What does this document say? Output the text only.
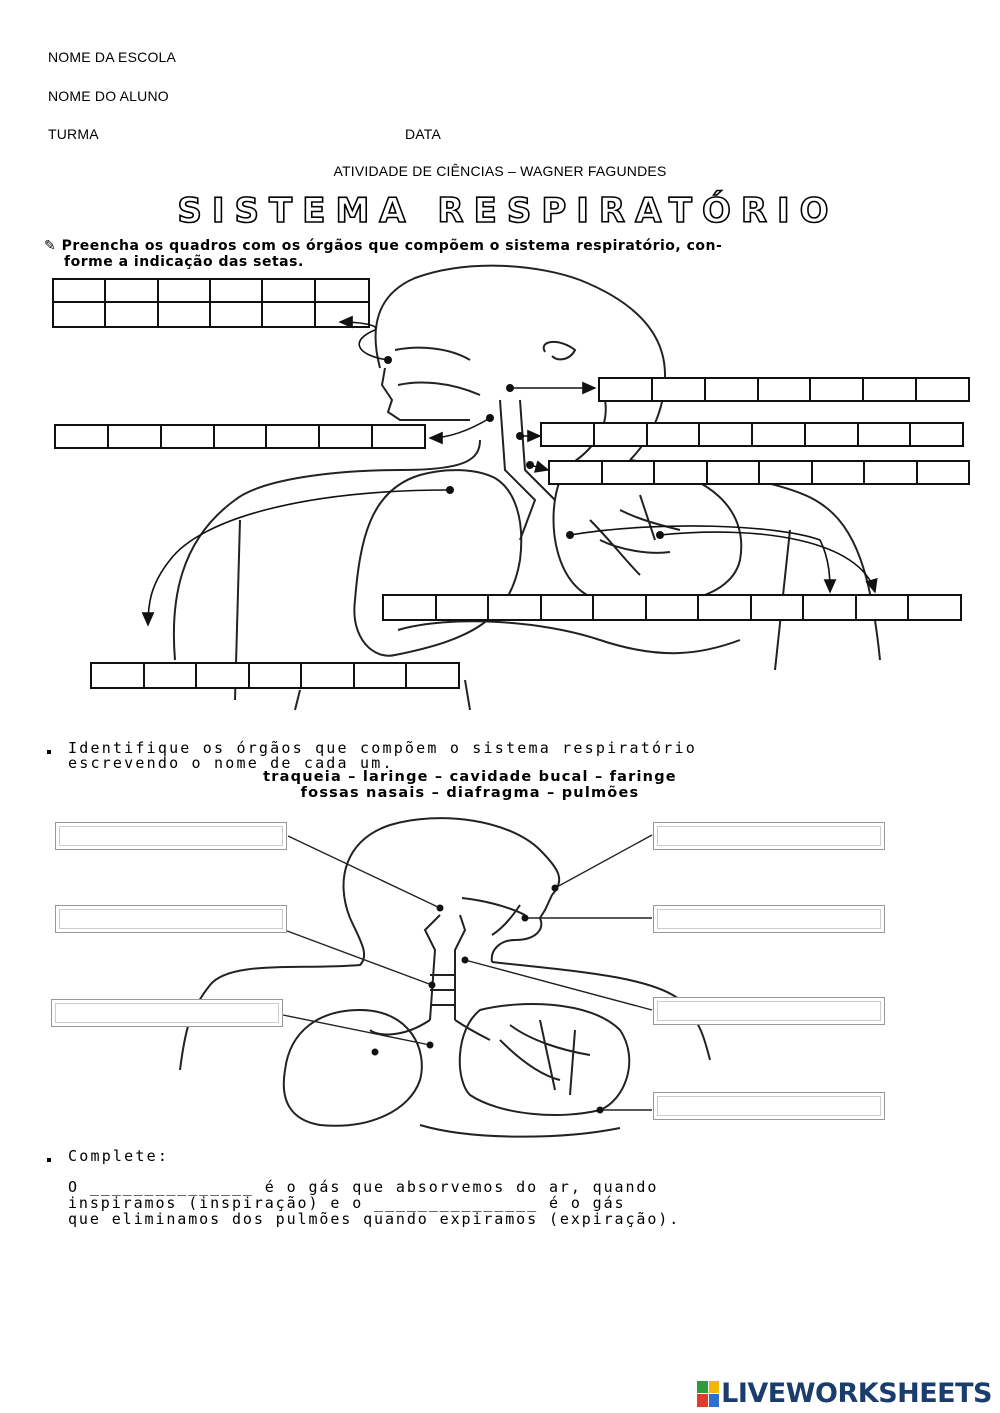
NOME DA ESCOLA
NOME DO ALUNO
TURMA	DATA
ATIVIDADE DE CIÊNCIAS – WAGNER FAGUNDES
SISTEMA RESPIRATÓRIO
✎ Preencha os quadros com os órgãos que compõem o sistema respiratório, con-
forme a indicação das setas.
Identifique os órgãos que compõem o sistema respiratório
escrevendo o nome de cada um.
traqueia – laringe – cavidade bucal – faringe
fossas nasais – diafragma – pulmões
Complete:
O _______________ é o gás que absorvemos do ar, quando
inspiramos (inspiração) e o _______________ é o gás
que eliminamos dos pulmões quando expiramos (expiração).
LIVEWORKSHEETS
